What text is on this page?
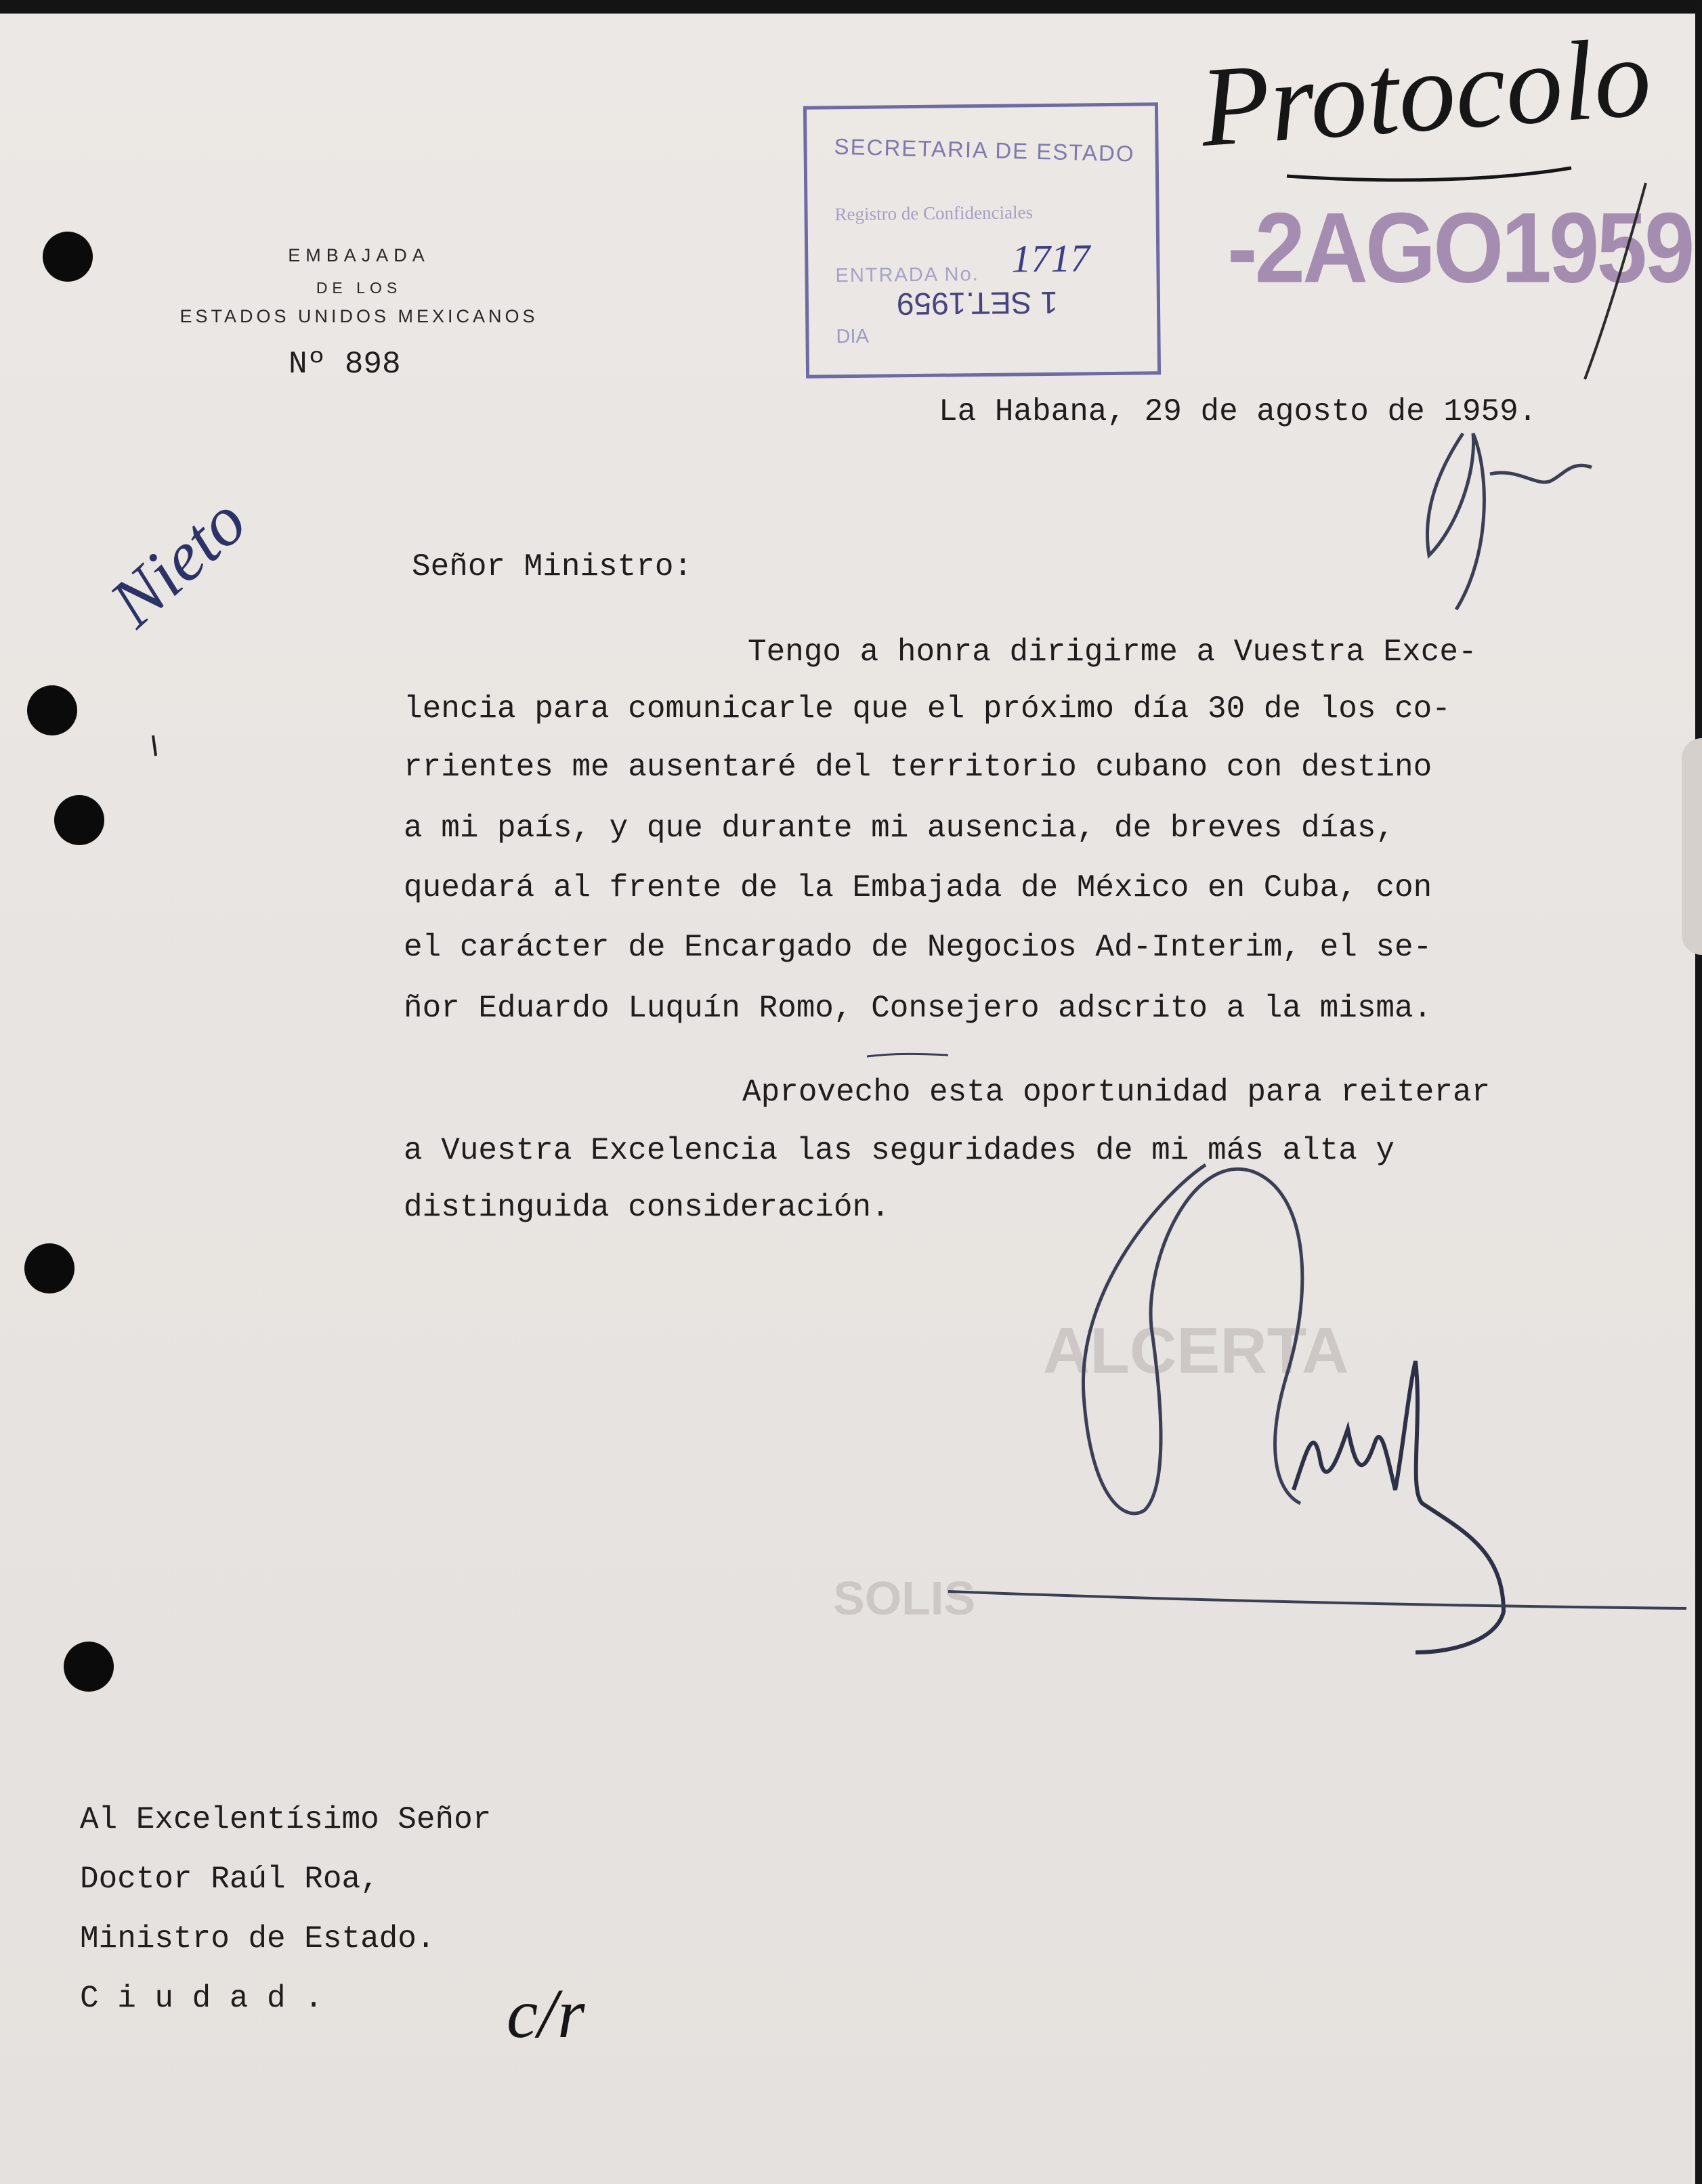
ALCERTA
SOLIS
EMBAJADA
DE LOS
ESTADOS UNIDOS MEXICANOS
Nº 898
SECRETARIA DE ESTADO
Registro de Confidenciales
ENTRADA No. 1717
DIA
1 SET.1959 -2AGO1959
Protocolo
Nieto
La Habana, 29 de agosto de 1959.
Señor Ministro:
Tengo a honra dirigirme a Vuestra Exce-
lencia para comunicarle que el próximo día 30 de los co-
rrientes me ausentaré del territorio cubano con destino
a mi país, y que durante mi ausencia, de breves días,
quedará al frente de la Embajada de México en Cuba, con
el carácter de Encargado de Negocios Ad-Interim, el se-
ñor Eduardo Luquín Romo, Consejero adscrito a la misma.
Aprovecho esta oportunidad para reiterar
a Vuestra Excelencia las seguridades de mi más alta y
distinguida consideración.
Al Excelentísimo Señor
Doctor Raúl Roa,
Ministro de Estado.
C i u d a d .	c/r
